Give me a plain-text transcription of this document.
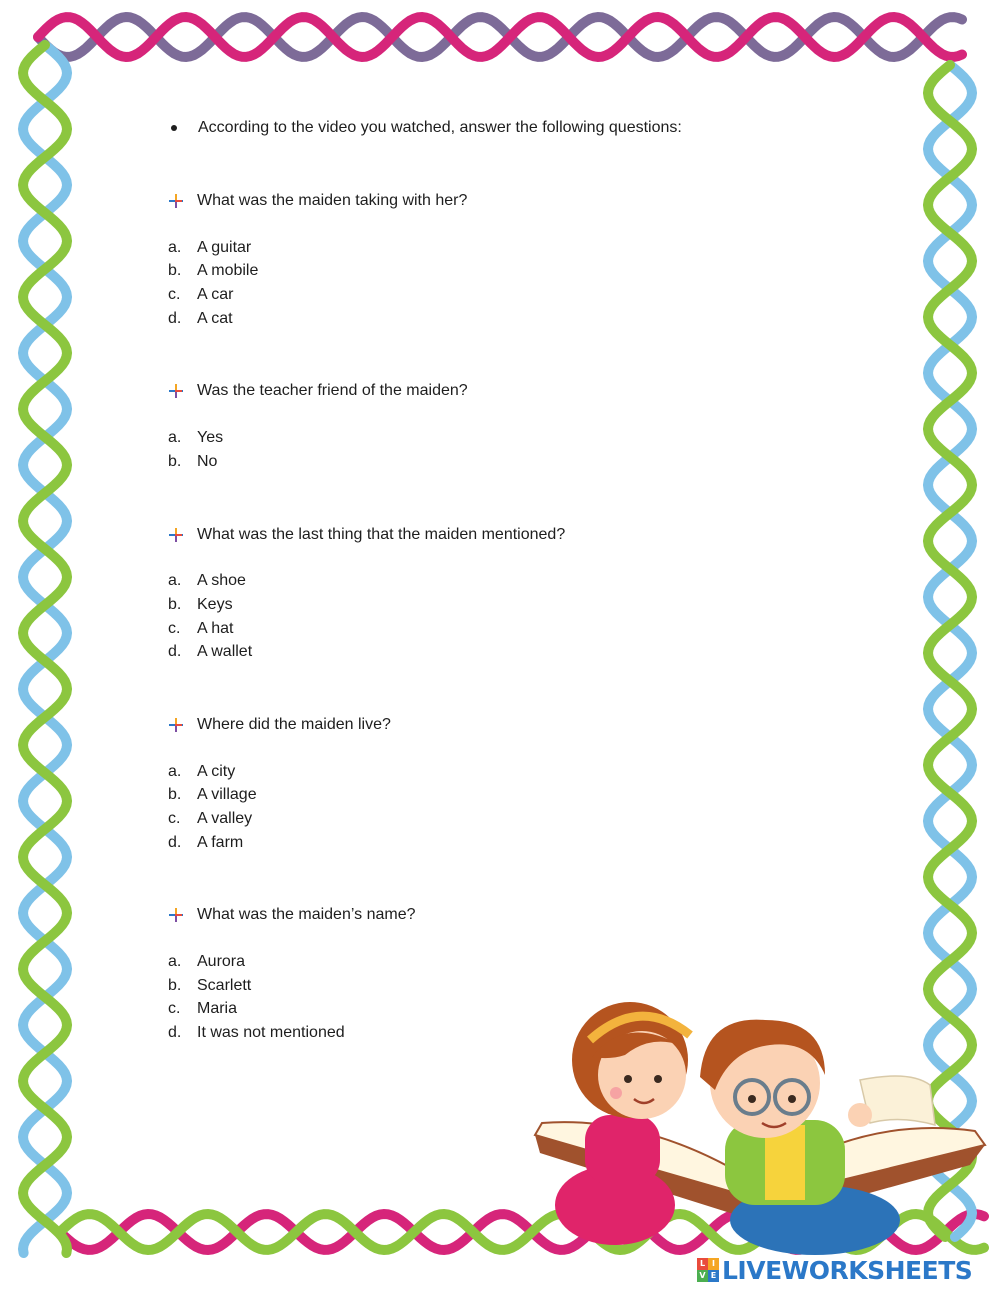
According to the video you watched, answer the following questions:
What was the maiden taking with her?
a. A guitar
b. A mobile
c.	A car
d. A cat
Was the teacher friend of the maiden?
a. Yes
b. No
What was the last thing that the maiden mentioned?
a. A shoe
b. Keys
c.	A hat
d. A wallet
Where did the maiden live?
a. A city
b. A village
c.	A valley
d. A farm
What was the maiden’s name?
a. Aurora
b. Scarlett
c.	Maria
d. It was not mentioned
L I
V E LIVEWORKSHEETS
